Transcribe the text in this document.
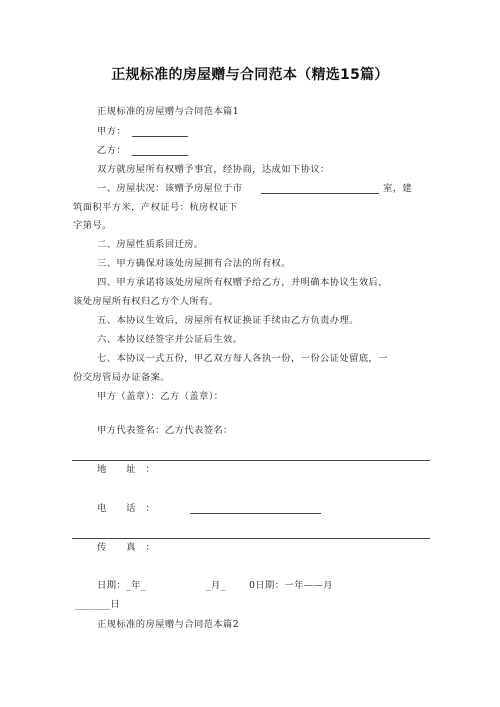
正规标准的房屋赠与合同范本（精选15篇）
正规标准的房屋赠与合同范本篇1
甲方：
乙方：
双方就房屋所有权赠予事宜，经协商，达成如下协议：
一、房屋状况：该赠予房屋位于市	室，建
筑面积平方米，产权证号：杭房权证下
字第号。
二、房屋性质系回迁房。
三、甲方确保对该处房屋拥有合法的所有权。
四、甲方承诺将该处房屋所有权赠予给乙方，并明确本协议生效后，
该处房屋所有权归乙方个人所有。
五、本协议生效后，房屋所有权证换证手续由乙方负责办理。
六、本协议经签字并公证后生效。
七、本协议一式五份，甲乙双方每人各执一份，一份公证处留底，一
份交房管局办证备案。
甲方（盖章）：乙方（盖章）：
甲方代表签名：乙方代表签名：
地　　址　：
电　　话　：
传　　真　：
日期：_年_	_月_ 0日期：一年——月
_______日
正规标准的房屋赠与合同范本篇2
